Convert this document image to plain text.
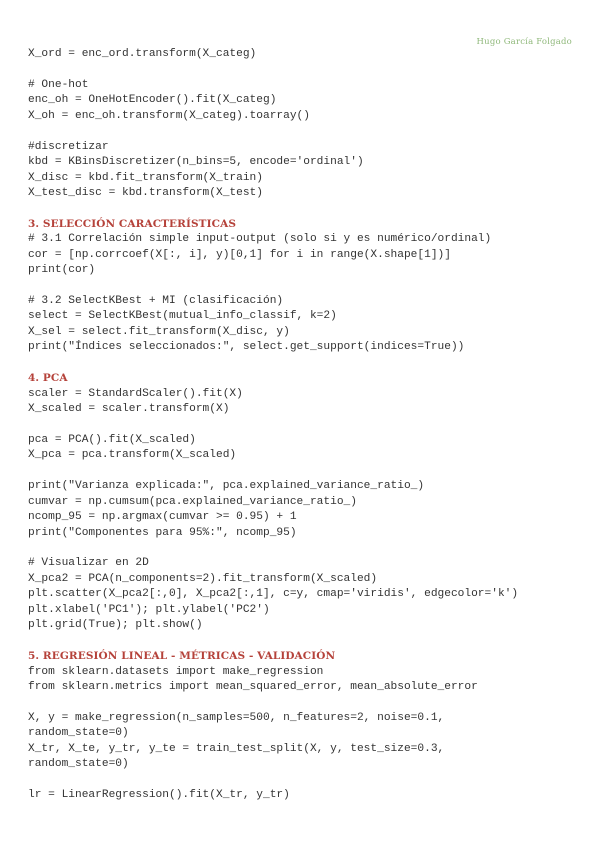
Hugo García Folgado
X_ord = enc_ord.transform(X_categ)
# One-hot
enc_oh = OneHotEncoder().fit(X_categ)
X_oh = enc_oh.transform(X_categ).toarray()
#discretizar
kbd = KBinsDiscretizer(n_bins=5, encode='ordinal')
X_disc = kbd.fit_transform(X_train)
X_test_disc = kbd.transform(X_test)
3. SELECCIÓN CARACTERÍSTICAS
# 3.1 Correlación simple input-output (solo si y es numérico/ordinal)
cor = [np.corrcoef(X[:, i], y)[0,1] for i in range(X.shape[1])]
print(cor)
# 3.2 SelectKBest + MI (clasificación)
select = SelectKBest(mutual_info_classif, k=2)
X_sel = select.fit_transform(X_disc, y)
print("Índices seleccionados:", select.get_support(indices=True))
4. PCA
scaler = StandardScaler().fit(X)
X_scaled = scaler.transform(X)
pca = PCA().fit(X_scaled)
X_pca = pca.transform(X_scaled)
print("Varianza explicada:", pca.explained_variance_ratio_)
cumvar = np.cumsum(pca.explained_variance_ratio_)
ncomp_95 = np.argmax(cumvar >= 0.95) + 1
print("Componentes para 95%:", ncomp_95)
# Visualizar en 2D
X_pca2 = PCA(n_components=2).fit_transform(X_scaled)
plt.scatter(X_pca2[:,0], X_pca2[:,1], c=y, cmap='viridis', edgecolor='k')
plt.xlabel('PC1'); plt.ylabel('PC2')
plt.grid(True); plt.show()
5. REGRESIÓN LINEAL - MÉTRICAS - VALIDACIÓN
from sklearn.datasets import make_regression
from sklearn.metrics import mean_squared_error, mean_absolute_error
X, y = make_regression(n_samples=500, n_features=2, noise=0.1,
random_state=0)
X_tr, X_te, y_tr, y_te = train_test_split(X, y, test_size=0.3,
random_state=0)
lr = LinearRegression().fit(X_tr, y_tr)
